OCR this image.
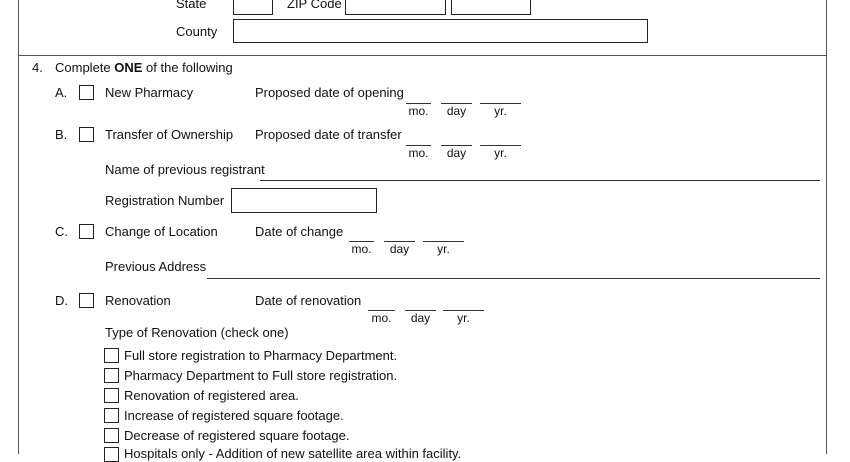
State	ZIP Code
County
4. Complete ONE of the following
A.	New Pharmacy	Proposed date of opening
mo.	day	yr.
B.	Transfer of Ownership Proposed date of transfer
mo.	day	yr.
Name of previous registrant
Registration Number
C.	Change of Location	Date of change
mo.	day	yr.
Previous Address
D.	Renovation	Date of renovation
mo.	day	yr.
Type of Renovation (check one)
Full store registration to Pharmacy Department.
Pharmacy Department to Full store registration.
Renovation of registered area.
Increase of registered square footage.
Decrease of registered square footage.
Hospitals only - Addition of new satellite area within facility.
